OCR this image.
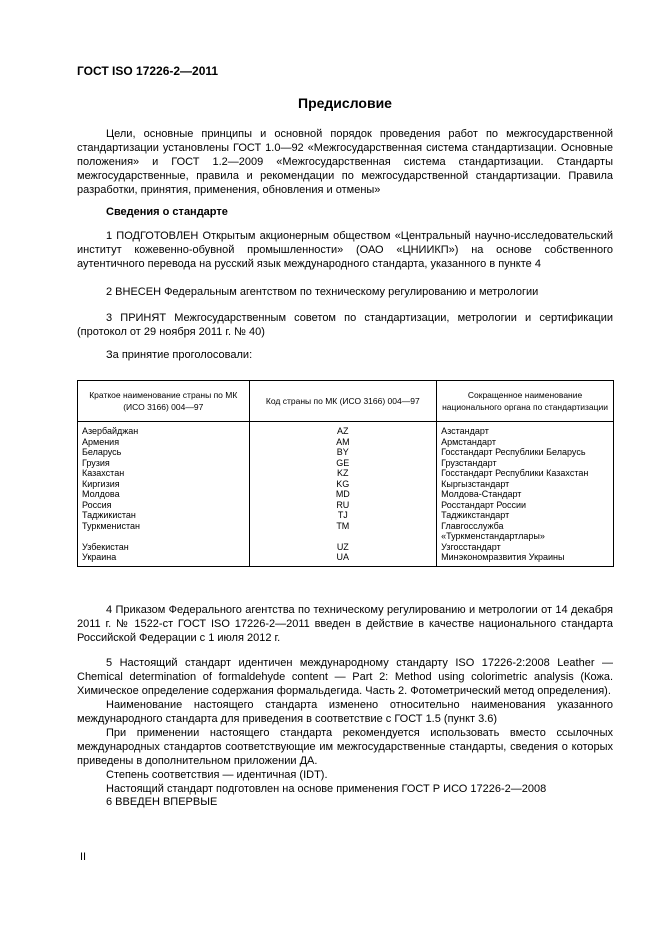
ГОСТ ISO 17226-2—2011
Предисловие

Цели, основные принципы и основной порядок проведения работ по межгосударственной стандартизации установлены ГОСТ 1.0—92 «Межгосударственная система стандартизации. Основные положения» и ГОСТ 1.2—2009 «Межгосударственная система стандартизации. Стандарты межгосударственные, правила и рекомендации по межгосударственной стандартизации. Правила разработки, принятия, применения, обновления и отмены»

Сведения о стандарте

1 ПОДГОТОВЛЕН Открытым акционерным обществом «Центральный научно-исследовательский институт кожевенно-обувной промышленности» (ОАО «ЦНИИКП») на основе собственного аутентичного перевода на русский язык международного стандарта, указанного в пункте 4

2 ВНЕСЕН Федеральным агентством по техническому регулированию и метрологии

3 ПРИНЯТ Межгосударственным советом по стандартизации, метрологии и сертификации (протокол от 29 ноября 2011 г. № 40)

За принятие проголосовали:
Краткое наименование страны по МК (ИСО 3166) 004—97	Код страны по МК (ИСО 3166) 004—97	Сокращенное наименование национального органа по стандартизации
Азербайджан	AZ	Азстандарт
Армения	AM	Армстандарт
Беларусь	BY	Госстандарт Республики Беларусь
Грузия	GE	Грузстандарт
Казахстан	KZ	Госстандарт Республики Казахстан
Киргизия	KG	Кыргызстандарт
Молдова	MD	Молдова-Стандарт
Россия	RU	Росстандарт России
Таджикистан	TJ	Таджикстандарт
Туркменистан	TM	Главгосслужба «Туркменстандартлары»
Узбекистан	UZ	Узгосстандарт
Украина	UA	Минэкономразвития Украины

4 Приказом Федерального агентства по техническому регулированию и метрологии от 14 декабря 2011 г. № 1522-ст ГОСТ ISO 17226-2—2011 введен в действие в качестве национального стандарта Российской Федерации с 1 июля 2012 г.

5 Настоящий стандарт идентичен международному стандарту ISO 17226-2:2008 Leather — Chemical determination of formaldehyde content — Part 2: Method using colorimetric analysis (Кожа. Химическое определение содержания формальдегида. Часть 2. Фотометрический метод определения).

Наименование настоящего стандарта изменено относительно наименования указанного международного стандарта для приведения в соответствие с ГОСТ 1.5 (пункт 3.6)

При применении настоящего стандарта рекомендуется использовать вместо ссылочных международных стандартов соответствующие им межгосударственные стандарты, сведения о которых приведены в дополнительном приложении ДА.

Степень соответствия — идентичная (IDT).

Настоящий стандарт подготовлен на основе применения ГОСТ Р ИСО 17226-2—2008

6 ВВЕДЕН ВПЕРВЫЕ

II
